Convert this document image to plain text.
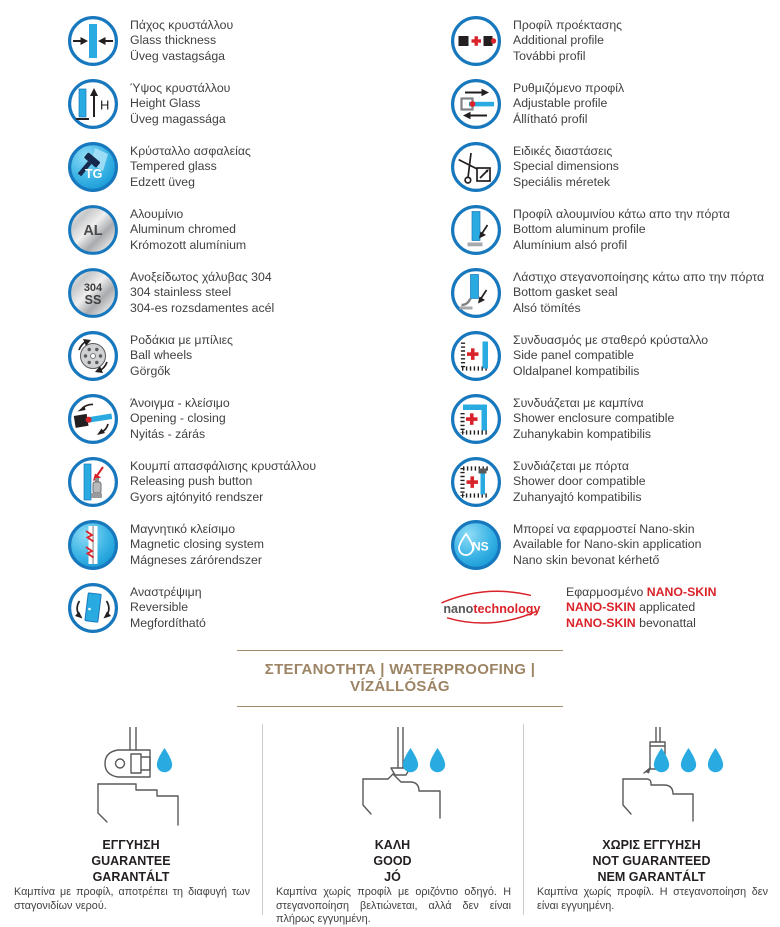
Πάχος κρυστάλλου
Glass thickness
Üveg vastagsága
H
Ύψος κρυστάλλου
Height Glass
Üveg magassága
TG
Κρύσταλλο ασφαλείας
Tempered glass
Edzett üveg
AL
Αλουμίνιο
Aluminum chromed
Krómozott alumínium
304
SS
Ανοξείδωτος χάλυβας 304
304 stainless steel
304-es rozsdamentes acél
Ροδάκια με μπίλιες
Ball wheels
Görgők
Άνοιγμα - κλείσιμο
Opening - closing
Nyitás - zárás
Κουμπί απασφάλισης κρυστάλλου
Releasing push button
Gyors ajtónyitó rendszer
Μαγνητικό κλείσιμο
Magnetic closing system
Mágneses zárórendszer
Αναστρέψιμη
Reversible
Megfordítható
Προφίλ προέκτασης
Additional profile
További profil
Ρυθμιζόμενο προφίλ
Adjustable profile
Állítható profil
Ειδικές διαστάσεις
Special dimensions
Speciális méretek
Προφίλ αλουμινίου κάτω απο την πόρτα
Bottom aluminum profile
Alumínium alsó profil
Λάστιχο στεγανοποίησης κάτω απο την πόρτα
Bottom gasket seal
Alsó tömítés
Συνδυασμός με σταθερό κρύσταλλο
Side panel compatible
Oldalpanel kompatibilis
Συνδυάζεται με καμπίνα
Shower enclosure compatible
Zuhanykabin kompatibilis
Συνδιάζεται με πόρτα
Shower door compatible
Zuhanyajtó kompatibilis
NS
Μπορεί να εφαρμοστεί Nano-skin
Available for Nano-skin application
Nano skin bevonat kérhető
nanotechnology
Εφαρμοσμένο NANO-SKIN
NANO-SKIN applicated
NANO-SKIN bevonattal
ΣΤΕΓΑΝΟΤΗΤΑ | WATERPROOFING | VÍZÁLLÓSÁG
ΕΓΓΥΗΣΗ
GUARANTEE
GARANTÁLT
Καμπίνα με προφίλ, αποτρέπει τη διαφυγή των σταγονιδίων νερού.
ΚΑΛΗ
GOOD
JÓ
Καμπίνα χωρίς προφίλ με οριζόντιο οδηγό. Η στεγανοποίηση βελτιώνεται, αλλά δεν είναι πλήρως εγγυημένη.
ΧΩΡΙΣ ΕΓΓΥΗΣΗ
NOT GUARANTEED
NEM GARANTÁLT
Καμπίνα χωρίς προφίλ. Η στεγανοποίηση δεν είναι εγγυημένη.
